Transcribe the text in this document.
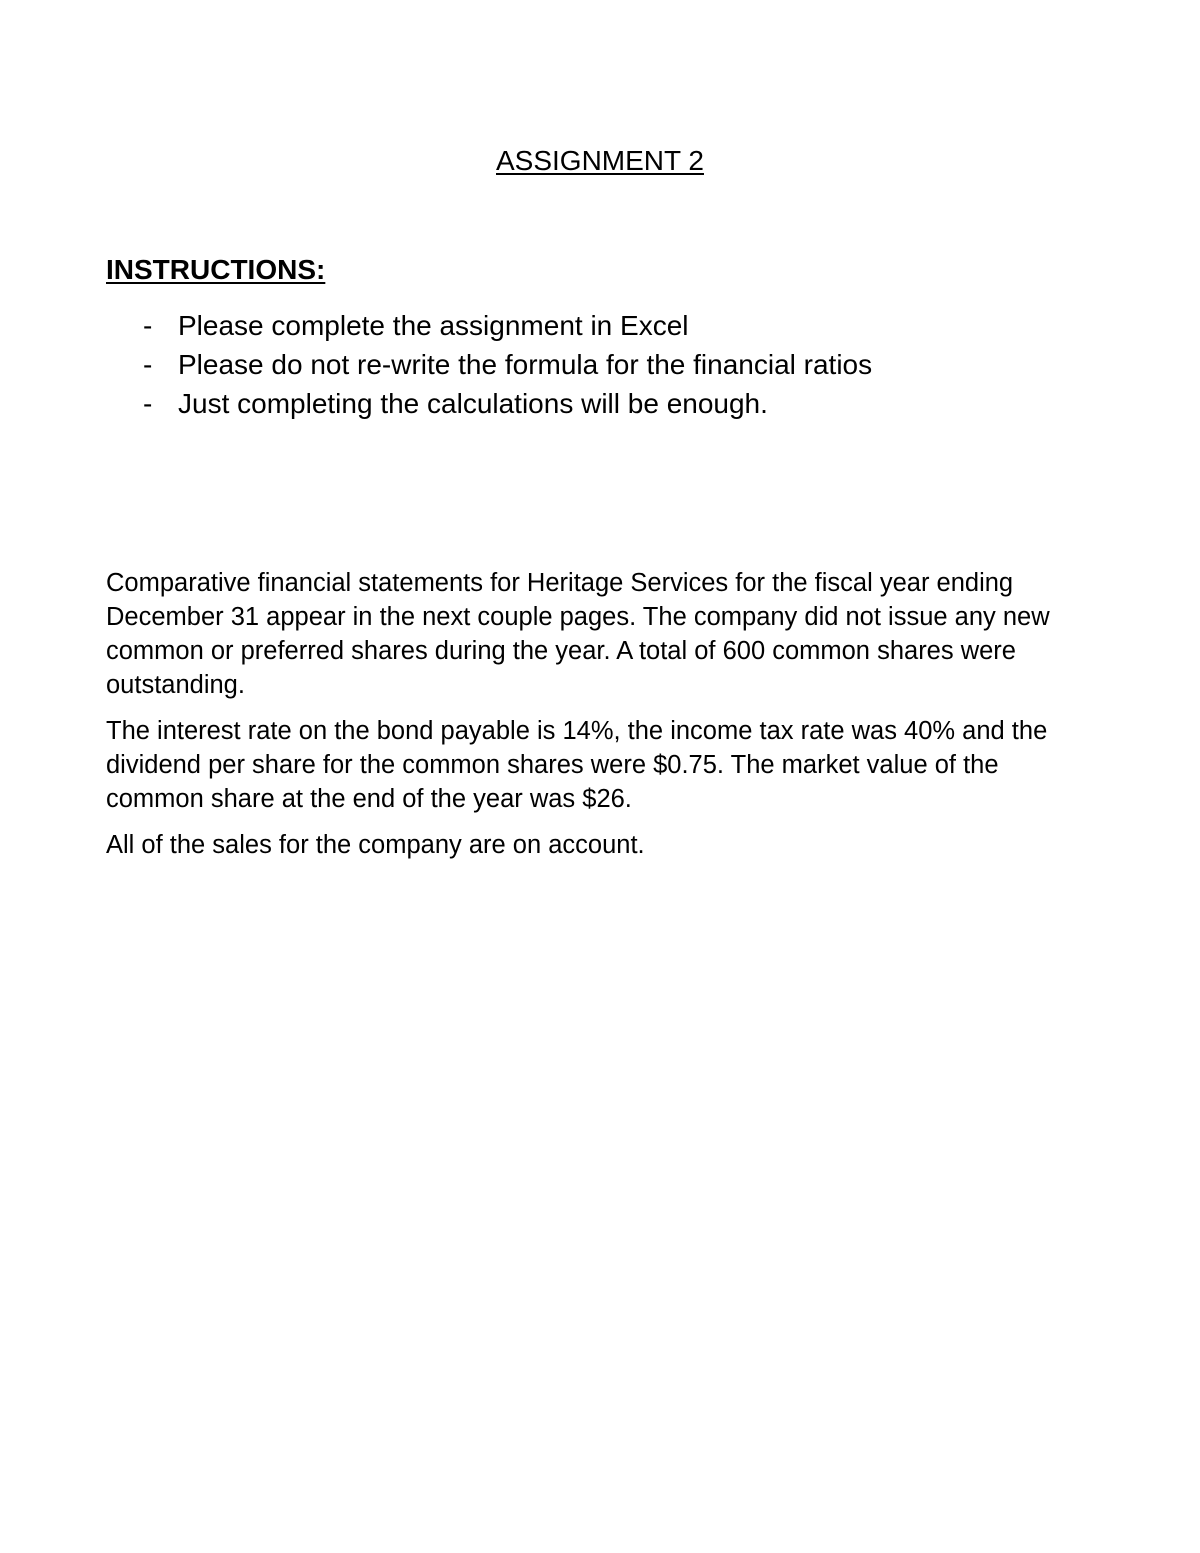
ASSIGNMENT 2
INSTRUCTIONS:
- Please complete the assignment in Excel
- Please do not re-write the formula for the financial ratios
- Just completing the calculations will be enough.

Comparative financial statements for Heritage Services for the fiscal year ending December 31 appear in the next couple pages. The company did not issue any new common or preferred shares during the year. A total of 600 common shares were outstanding.

The interest rate on the bond payable is 14%, the income tax rate was 40% and the dividend per share for the common shares were $0.75. The market value of the common share at the end of the year was $26.

All of the sales for the company are on account.
